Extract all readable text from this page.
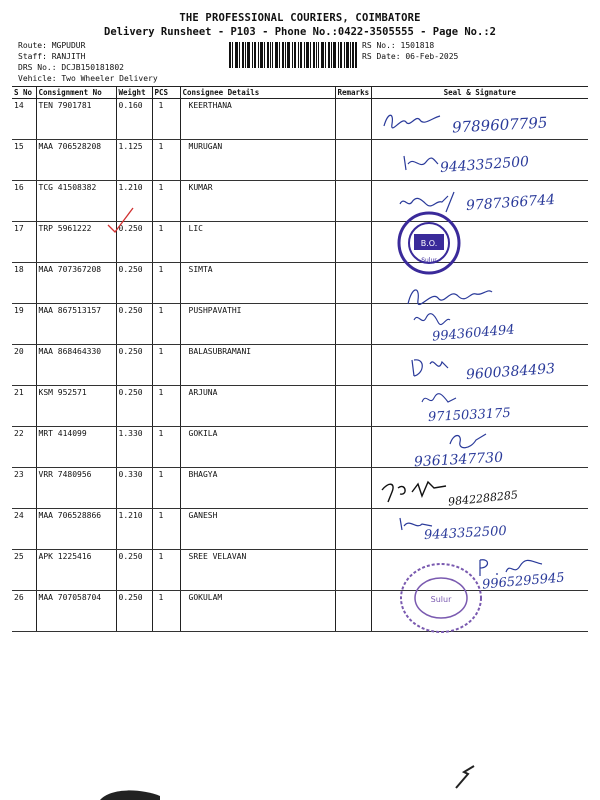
THE PROFESSIONAL COURIERS, COIMBATORE
Delivery Runsheet - P103 - Phone No.:0422-3505555 - Page No.:2
Route: MGPUDUR
Staff: RANJITH
DRS No.: DCJB150181802
Vehicle: Two Wheeler Delivery
RS No.: 1501818
RS Date: 06-Feb-2025
S No	Consignment No	Weight	PCS	Consignee Details	Remarks	Seal & Signature
14	TEN 7901781	0.160	1	KEERTHANA		
15	MAA 706528208	1.125	1	MURUGAN		
16	TCG 41508382	1.210	1	KUMAR		
17	TRP 5961222	0.250	1	LIC		
18	MAA 707367208	0.250	1	SIMTA		
19	MAA 867513157	0.250	1	PUSHPAVATHI		
20	MAA 868464330	0.250	1	BALASUBRAMANI		
21	KSM 952571	0.250	1	ARJUNA		
22	MRT 414099	1.330	1	GOKILA		
23	VRR 7480956	0.330	1	BHAGYA		
24	MAA 706528866	1.210	1	GANESH		
25	APK 1225416	0.250	1	SREE VELAVAN		
26	MAA 707058704	0.250	1	GOKULAM		
9789607795
9443352500
9787366744
9943604494
9600384493
9715033175
9361347730
9842288285
9443352500
9965295945
B.O.
Sulur
Sulur
